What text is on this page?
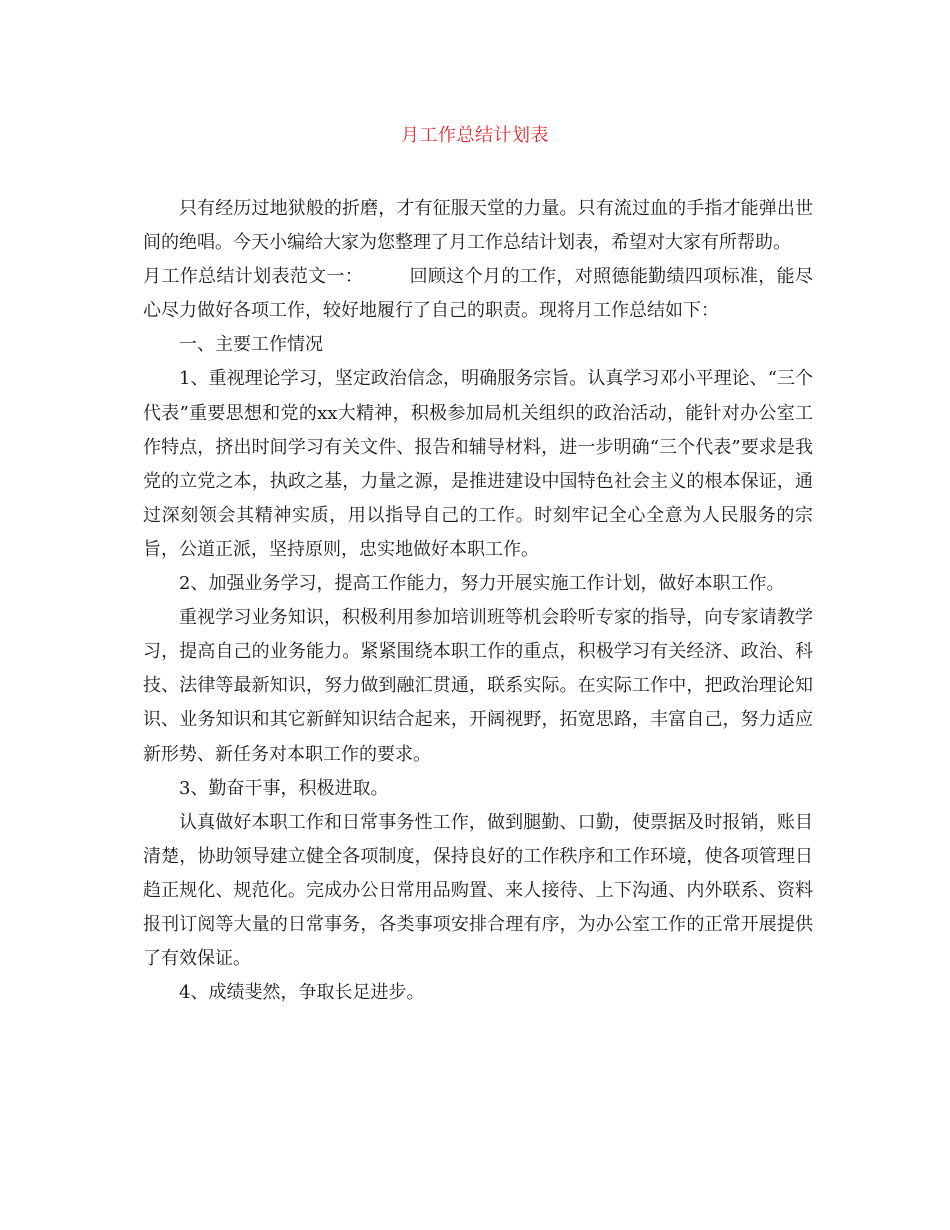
月工作总结计划表

只有经历过地狱般的折磨，才有征服天堂的力量。只有流过血的手指才能弹出世间的绝唱。今天小编给大家为您整理了月工作总结计划表，希望对大家有所帮助。

月工作总结计划表范文一：	回顾这个月的工作，对照德能勤绩四项标准，能尽心尽力做好各项工作，较好地履行了自己的职责。现将月工作总结如下：

一、主要工作情况

1、重视理论学习，坚定政治信念，明确服务宗旨。认真学习邓小平理论、“三个代表”重要思想和党的xx大精神，积极参加局机关组织的政治活动，能针对办公室工作特点，挤出时间学习有关文件、报告和辅导材料，进一步明确“三个代表”要求是我党的立党之本，执政之基，力量之源，是推进建设中国特色社会主义的根本保证，通过深刻领会其精神实质，用以指导自己的工作。时刻牢记全心全意为人民服务的宗旨，公道正派，坚持原则，忠实地做好本职工作。

2、加强业务学习，提高工作能力，努力开展实施工作计划，做好本职工作。

重视学习业务知识，积极利用参加培训班等机会聆听专家的指导，向专家请教学习，提高自己的业务能力。紧紧围绕本职工作的重点，积极学习有关经济、政治、科技、法律等最新知识，努力做到融汇贯通，联系实际。在实际工作中，把政治理论知识、业务知识和其它新鲜知识结合起来，开阔视野，拓宽思路，丰富自己，努力适应新形势、新任务对本职工作的要求。

3、勤奋干事，积极进取。

认真做好本职工作和日常事务性工作，做到腿勤、口勤，使票据及时报销，账目清楚，协助领导建立健全各项制度，保持良好的工作秩序和工作环境，使各项管理日趋正规化、规范化。完成办公日常用品购置、来人接待、上下沟通、内外联系、资料报刊订阅等大量的日常事务，各类事项安排合理有序，为办公室工作的正常开展提供了有效保证。

4、成绩斐然，争取长足进步。
